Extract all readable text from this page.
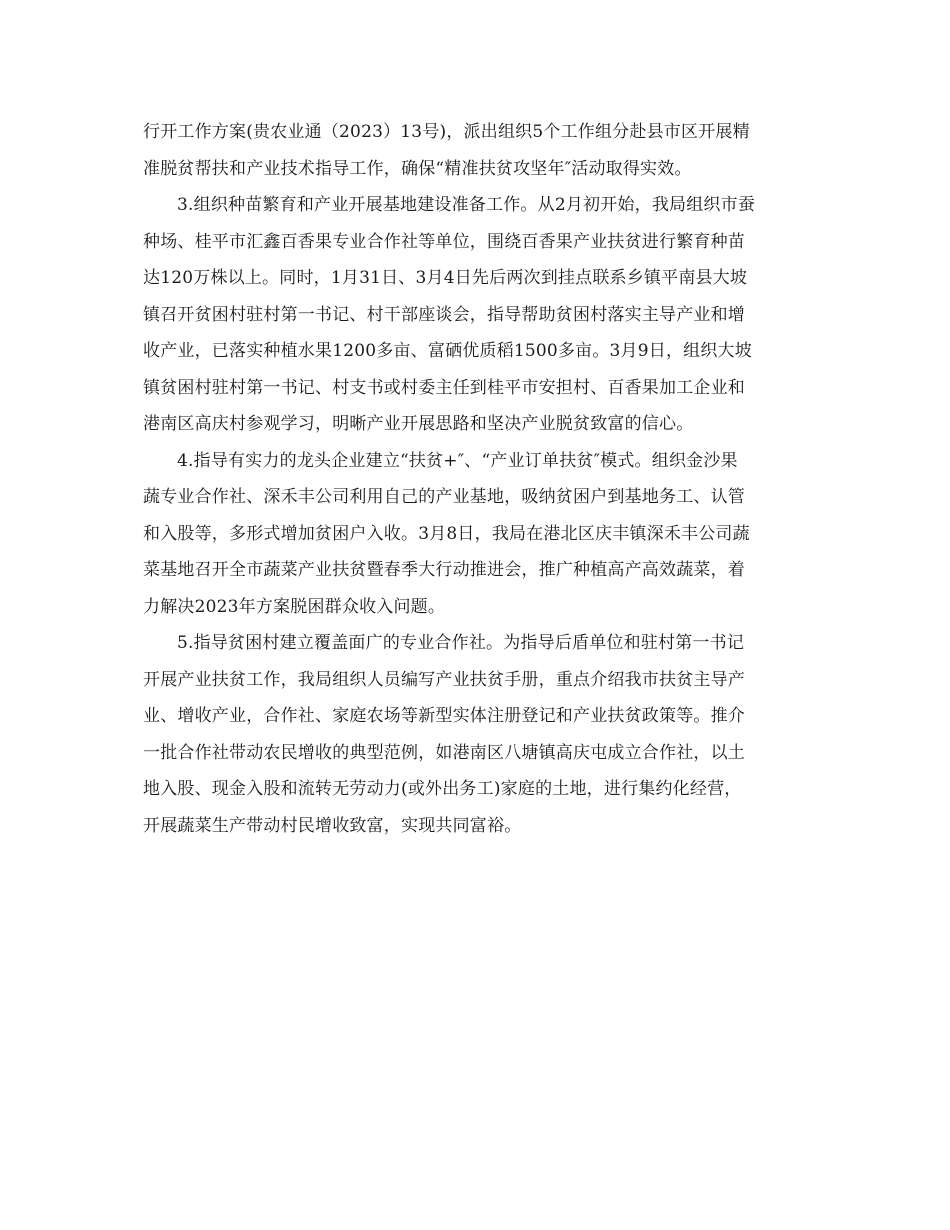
行开工作方案(贵农业通（2023）13号)，派出组织5个工作组分赴县市区开展精
准脱贫帮扶和产业技术指导工作，确保“精准扶贫攻坚年″活动取得实效。
3.组织种苗繁育和产业开展基地建设准备工作。从2月初开始，我局组织市蚕
种场、桂平市汇鑫百香果专业合作社等单位，围绕百香果产业扶贫进行繁育种苗
达120万株以上。同时，1月31日、3月4日先后两次到挂点联系乡镇平南县大坡
镇召开贫困村驻村第一书记、村干部座谈会，指导帮助贫困村落实主导产业和增
收产业，已落实种植水果1200多亩、富硒优质稻1500多亩。3月9日，组织大坡
镇贫困村驻村第一书记、村支书或村委主任到桂平市安担村、百香果加工企业和
港南区高庆村参观学习，明晰产业开展思路和坚决产业脱贫致富的信心。
4.指导有实力的龙头企业建立“扶贫+″、“产业订单扶贫″模式。组织金沙果
蔬专业合作社、深禾丰公司利用自己的产业基地，吸纳贫困户到基地务工、认管
和入股等，多形式增加贫困户入收。3月8日，我局在港北区庆丰镇深禾丰公司蔬
菜基地召开全市蔬菜产业扶贫暨春季大行动推进会，推广种植高产高效蔬菜，着
力解决2023年方案脱困群众收入问题。
5.指导贫困村建立覆盖面广的专业合作社。为指导后盾单位和驻村第一书记
开展产业扶贫工作，我局组织人员编写产业扶贫手册，重点介绍我市扶贫主导产
业、增收产业，合作社、家庭农场等新型实体注册登记和产业扶贫政策等。推介
一批合作社带动农民增收的典型范例，如港南区八塘镇高庆屯成立合作社，以土
地入股、现金入股和流转无劳动力(或外出务工)家庭的土地，进行集约化经营，
开展蔬菜生产带动村民增收致富，实现共同富裕。
